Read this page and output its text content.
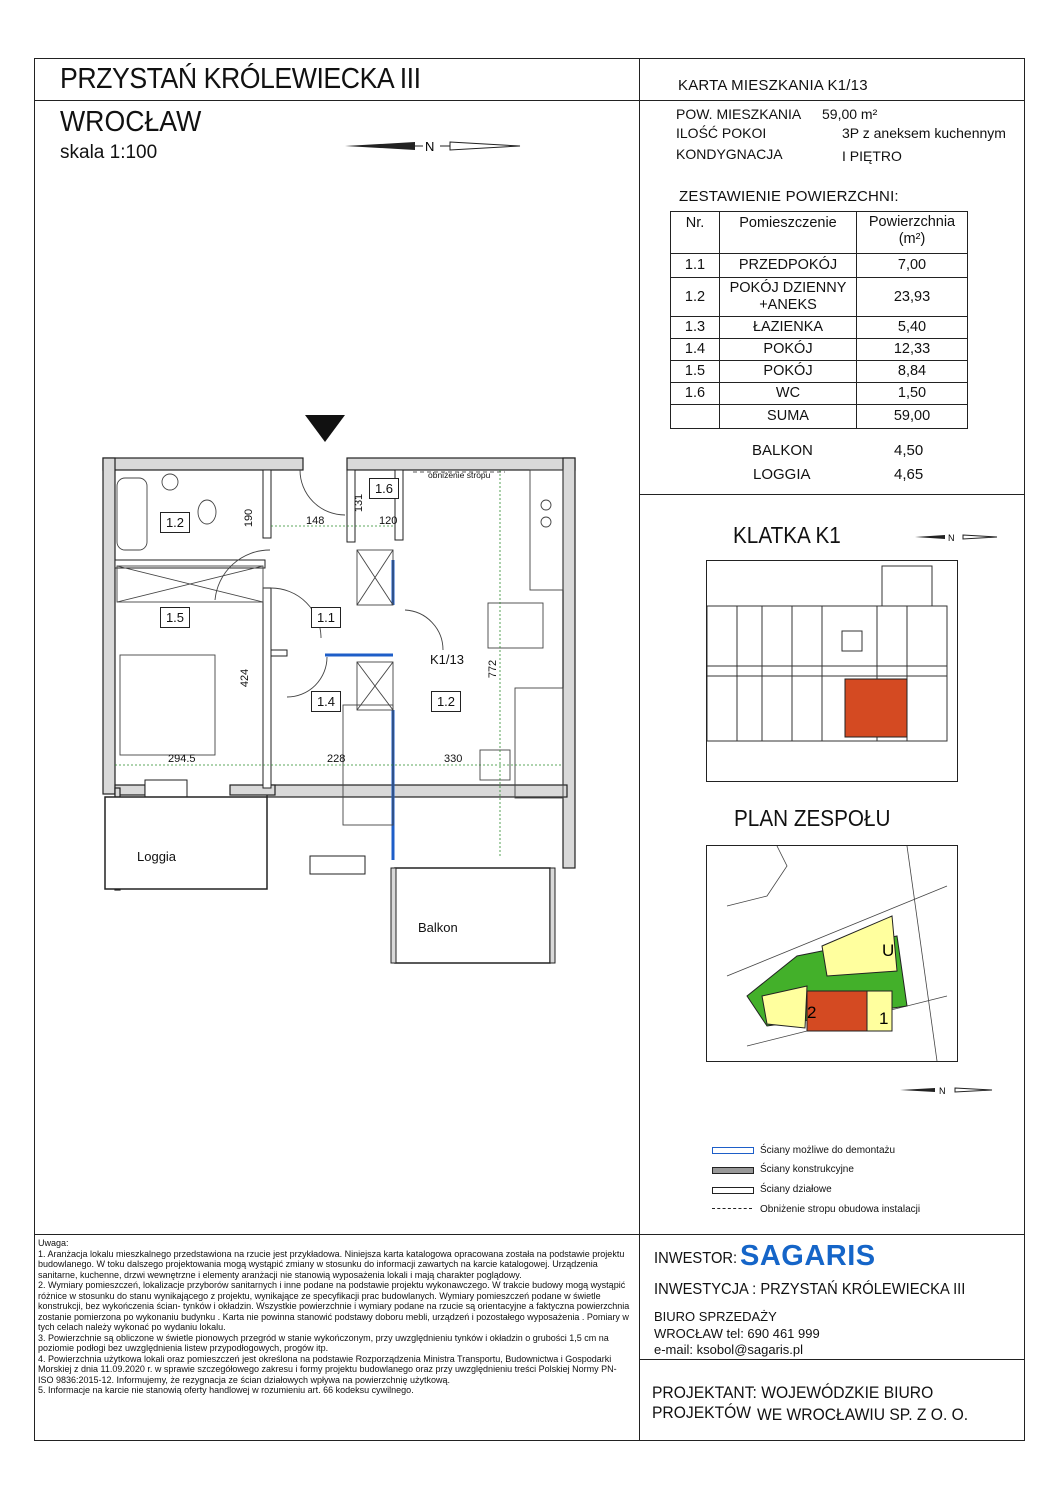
PRZYSTAŃ KRÓLEWIECKA III
WROCŁAW
skala 1:100	N
KARTA MIESZKANIA K1/13
POW. MIESZKANIA 59,00 m²
ILOŚĆ POKOI	3P z aneksem kuchennym
KONDYGNACJA	I PIĘTRO
ZESTAWIENIE POWIERZCHNI:
Nr.	Pomieszczenie	Powierzchnia
(m²)
1.1	PRZEDPOKÓJ	7,00
1.2	POKÓJ DZIENNY
+ANEKS	23,93
1.3	ŁAZIENKA	5,40
1.4	POKÓJ	12,33
1.5	POKÓJ	8,84
1.6	WC	1,50
	SUMA	59,00
BALKON	4,50
LOGGIA	4,65
1.2
1.6
1.5	1.1
1.4	1.2
K1/13
obniżenie stropu
Loggia
Balkon
190	148
131
120
424	772
294.5	228	330
KLATKA K1	N
PLAN ZESPOŁU
U
2	1
N
Ściany możliwe do demontażu
Ściany konstrukcyjne
Ściany działowe
Obniżenie stropu obudowa instalacji
Uwaga:
1. Aranżacja lokalu mieszkalnego przedstawiona na rzucie jest przykładowa. Niniejsza karta katalogowa opracowana została na podstawie projektu budowlanego. W toku dalszego projektowania mogą wystąpić zmiany w stosunku do informacji zawartych na karcie katalogowej. Urządzenia sanitarne, kuchenne, drzwi wewnętrzne i elementy aranżacji nie stanowią wyposażenia lokali i mają charakter poglądowy.
2. Wymiary pomieszczeń, lokalizacje przyborów sanitarnych i inne podane na podstawie projektu wykonawczego. W trakcie budowy mogą wystąpić różnice w stosunku do stanu wynikającego z projektu, wynikające ze specyfikacji prac budowlanych. Wymiary pomieszczeń podane w świetle konstrukcji, bez wykończenia ścian- tynków i okładzin. Wszystkie powierzchnie i wymiary podane na rzucie są orientacyjne a faktyczna powierzchnia zostanie pomierzona po wykonaniu budynku . Karta nie powinna stanowić podstawy doboru mebli, urządzeń i pozostałego wyposażenia . Pomiary w tych celach należy wykonać po wydaniu lokalu.
3. Powierzchnie są obliczone w świetle pionowych przegród w stanie wykończonym, przy uwzględnieniu tynków i okładzin o grubości 1,5 cm na poziomie podłogi bez uwzględnienia listew przypodłogowych, progów itp.
4. Powierzchnia użytkowa lokali oraz pomieszczeń jest określona na podstawie Rozporządzenia Ministra Transportu, Budownictwa i Gospodarki Morskiej z dnia 11.09.2020 r. w sprawie szczegółowego zakresu i formy projektu budowlanego oraz przy uwzględnieniu treści Polskiej Normy PN-ISO 9836:2015-12. Informujemy, że rezygnacja ze ścian działowych wpływa na powierzchnię użytkową.
5. Informacje na karcie nie stanowią oferty handlowej w rozumieniu art. 66 kodeksu cywilnego.
INWESTOR: SAGARIS
INWESTYCJA : PRZYSTAŃ KRÓLEWIECKA III
BIURO SPRZEDAŻY
WROCŁAW tel: 690 461 999
e-mail: ksobol@sagaris.pl
PROJEKTANT: WOJEWÓDZKIE BIURO PROJEKTÓW WE WROCŁAWIU SP. Z O. O.
